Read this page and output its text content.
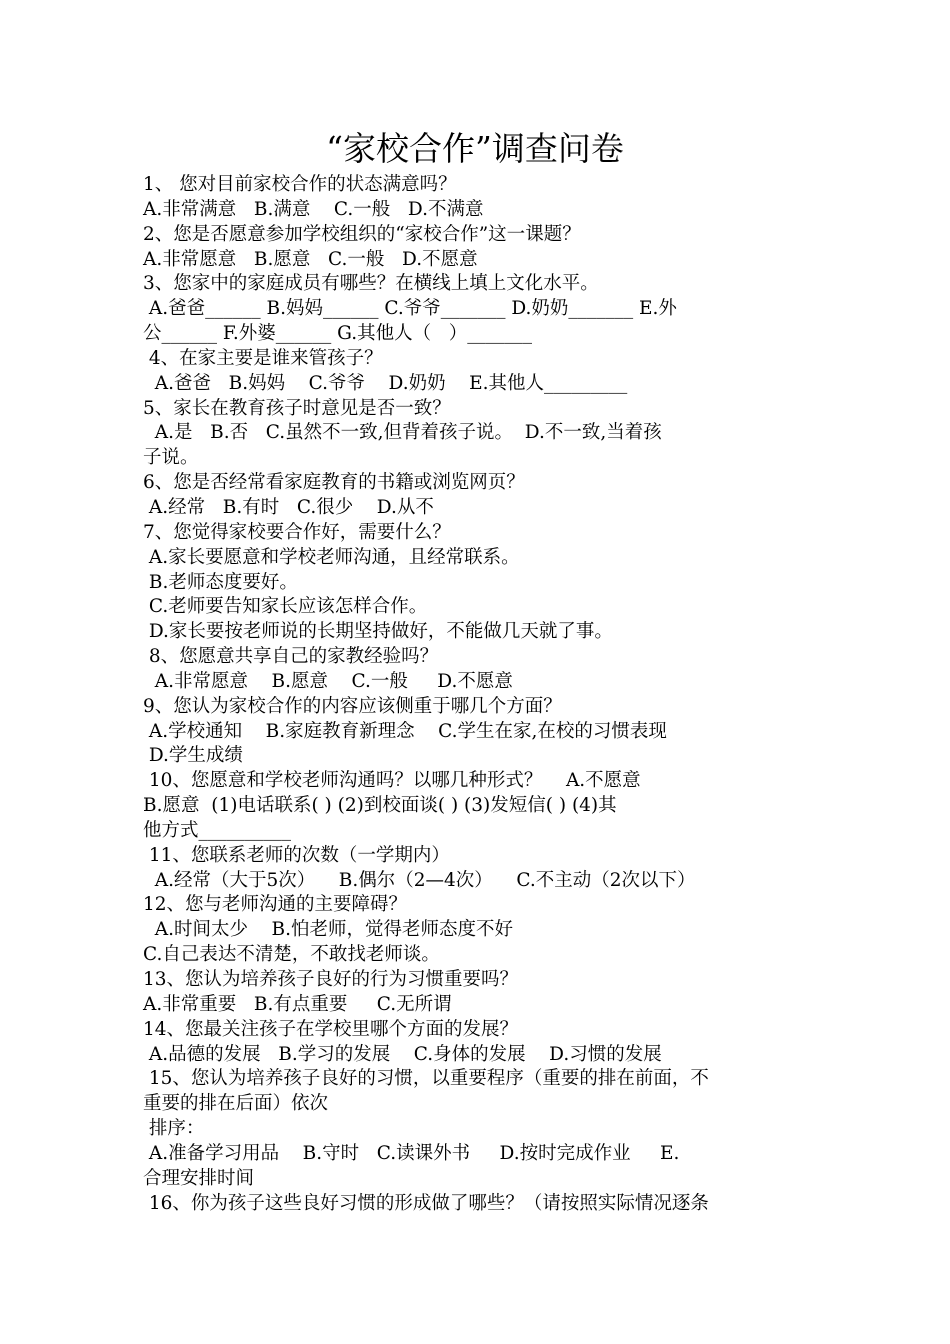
“家校合作”调查问卷
1、 您对目前家校合作的状态满意吗？
A.非常满意   B.满意    C.一般   D.不满意
2、您是否愿意参加学校组织的“家校合作”这一课题？
A.非常愿意   B.愿意   C.一般   D.不愿意
3、您家中的家庭成员有哪些？在横线上填上文化水平。
A.爸爸______ B.妈妈______ C.爷爷_______ D.奶奶_______ E.外
公______ F.外婆______ G.其他人（   ）_______
4、在家主要是谁来管孩子？
A.爸爸   B.妈妈    C.爷爷    D.奶奶    E.其他人_________
5、家长在教育孩子时意见是否一致？
A.是   B.否   C.虽然不一致,但背着孩子说。  D.不一致,当着孩
子说。
6、您是否经常看家庭教育的书籍或浏览网页？
A.经常   B.有时   C.很少    D.从不
7、您觉得家校要合作好，需要什么？
A.家长要愿意和学校老师沟通，且经常联系。
B.老师态度要好。
C.老师要告知家长应该怎样合作。
D.家长要按老师说的长期坚持做好，不能做几天就了事。
8、您愿意共享自己的家教经验吗？
A.非常愿意    B.愿意    C.一般     D.不愿意
9、您认为家校合作的内容应该侧重于哪几个方面？
A.学校通知    B.家庭教育新理念    C.学生在家,在校的习惯表现
D.学生成绩
10、您愿意和学校老师沟通吗？以哪几种形式？    A.不愿意
B.愿意  (1)电话联系( ) (2)到校面谈( ) (3)发短信( ) (4)其
他方式__________
11、您联系老师的次数（一学期内）
A.经常（大于5次）    B.偶尔（2—4次）    C.不主动（2次以下）
12、您与老师沟通的主要障碍？
A.时间太少    B.怕老师，觉得老师态度不好
C.自己表达不清楚，不敢找老师谈。
13、您认为培养孩子良好的行为习惯重要吗？
A.非常重要   B.有点重要     C.无所谓
14、您最关注孩子在学校里哪个方面的发展？
A.品德的发展   B.学习的发展    C.身体的发展    D.习惯的发展
15、您认为培养孩子良好的习惯，以重要程序（重要的排在前面，不
重要的排在后面）依次
排序：
A.准备学习用品    B.守时   C.读课外书     D.按时完成作业     E.
合理安排时间
16、你为孩子这些良好习惯的形成做了哪些？（请按照实际情况逐条
